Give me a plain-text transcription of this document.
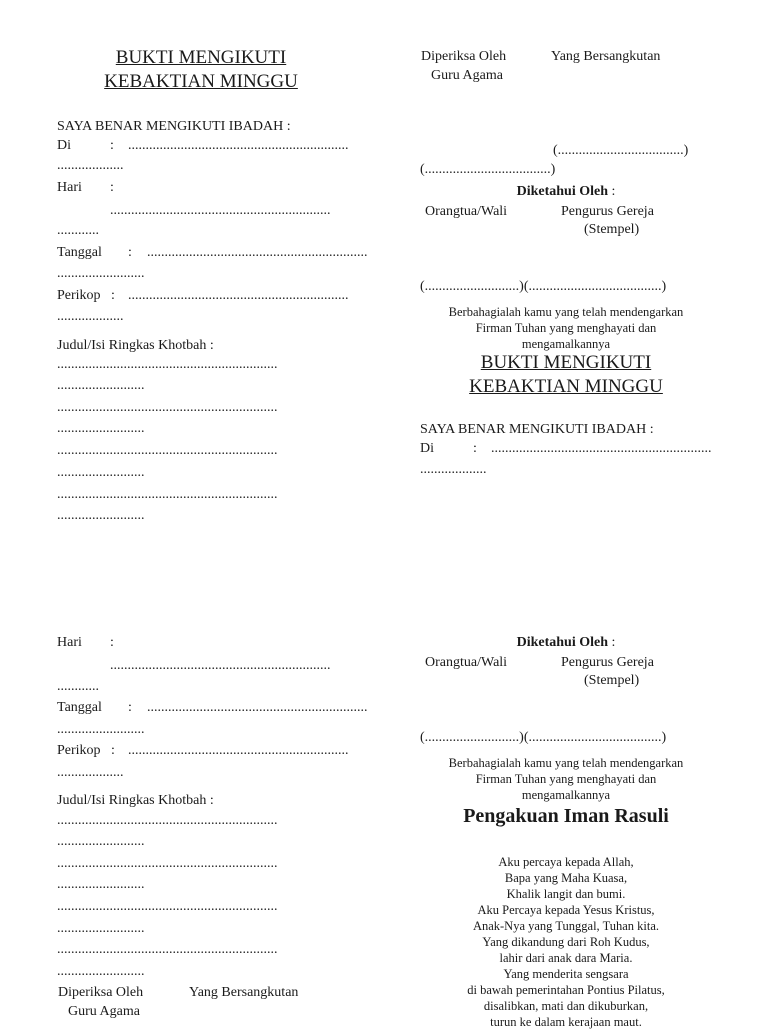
BUKTI MENGIKUTI
KEBAKTIAN MINGGU
SAYA BENAR MENGIKUTI IBADAH :
Di	: ...............................................................
...................
Hari :
...............................................................
............
Tanggal : ...............................................................
.........................
Perikop : ...............................................................
...................
Judul/Isi Ringkas Khotbah :
...............................................................
.........................
...............................................................
.........................
...............................................................
.........................
...............................................................
.........................
Diperiksa Oleh
Guru Agama
Yang Bersangkutan
(....................................)
(....................................)
Diketahui Oleh :
Orangtua/Wali	Pengurus Gereja
(Stempel)
(...........................)(......................................)
Berbahagialah kamu yang telah mendengarkan
Firman Tuhan yang menghayati dan
mengamalkannya
BUKTI MENGIKUTI
KEBAKTIAN MINGGU
SAYA BENAR MENGIKUTI IBADAH :
Di	: ...............................................................
...................
Hari :
...............................................................
............
Tanggal : ...............................................................
.........................
Perikop : ...............................................................
...................
Judul/Isi Ringkas Khotbah :
...............................................................
.........................
...............................................................
.........................
...............................................................
.........................
...............................................................
.........................
Diperiksa Oleh
Guru Agama
Yang Bersangkutan
Diketahui Oleh :
Orangtua/Wali	Pengurus Gereja
(Stempel)
(...........................)(......................................)
Berbahagialah kamu yang telah mendengarkan
Firman Tuhan yang menghayati dan
mengamalkannya
Pengakuan Iman Rasuli
Aku percaya kepada Allah,
Bapa yang Maha Kuasa,
Khalik langit dan bumi.
Aku Percaya kepada Yesus Kristus,
Anak-Nya yang Tunggal, Tuhan kita.
Yang dikandung dari Roh Kudus,
lahir dari anak dara Maria.
Yang menderita sengsara
di bawah pemerintahan Pontius Pilatus,
disalibkan, mati dan dikuburkan,
turun ke dalam kerajaan maut.
